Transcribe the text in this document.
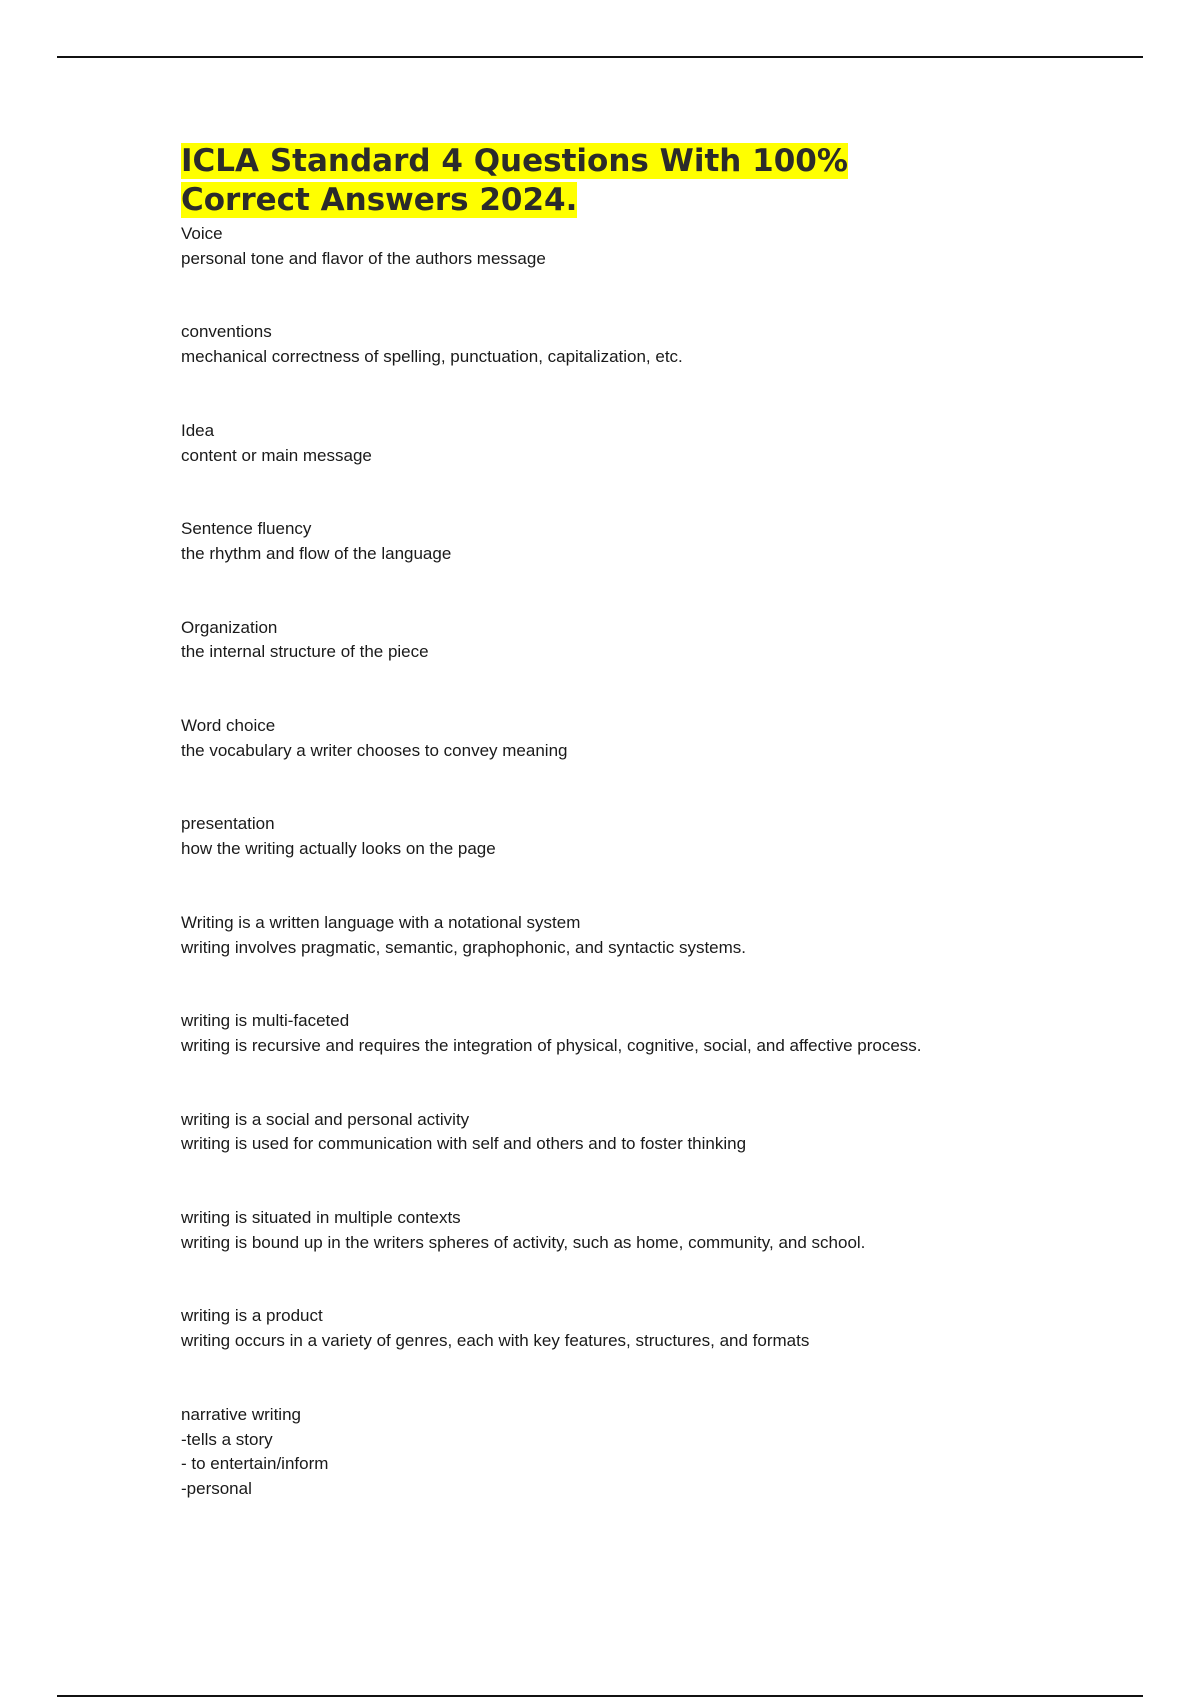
ICLA Standard 4 Questions With 100% Correct Answers 2024.
Voice
personal tone and flavor of the authors message
conventions
mechanical correctness of spelling, punctuation, capitalization, etc.
Idea
content or main message
Sentence fluency
the rhythm and flow of the language
Organization
the internal structure of the piece
Word choice
the vocabulary a writer chooses to convey meaning
presentation
how the writing actually looks on the page
Writing is a written language with a notational system
writing involves pragmatic, semantic, graphophonic, and syntactic systems.
writing is multi-faceted
writing is recursive and requires the integration of physical, cognitive, social, and affective process.
writing is a social and personal activity
writing is used for communication with self and others and to foster thinking
writing is situated in multiple contexts
writing is bound up in the writers spheres of activity, such as home, community, and school.
writing is a product
writing occurs in a variety of genres, each with key features, structures, and formats
narrative writing
-tells a story
- to entertain/inform
-personal
